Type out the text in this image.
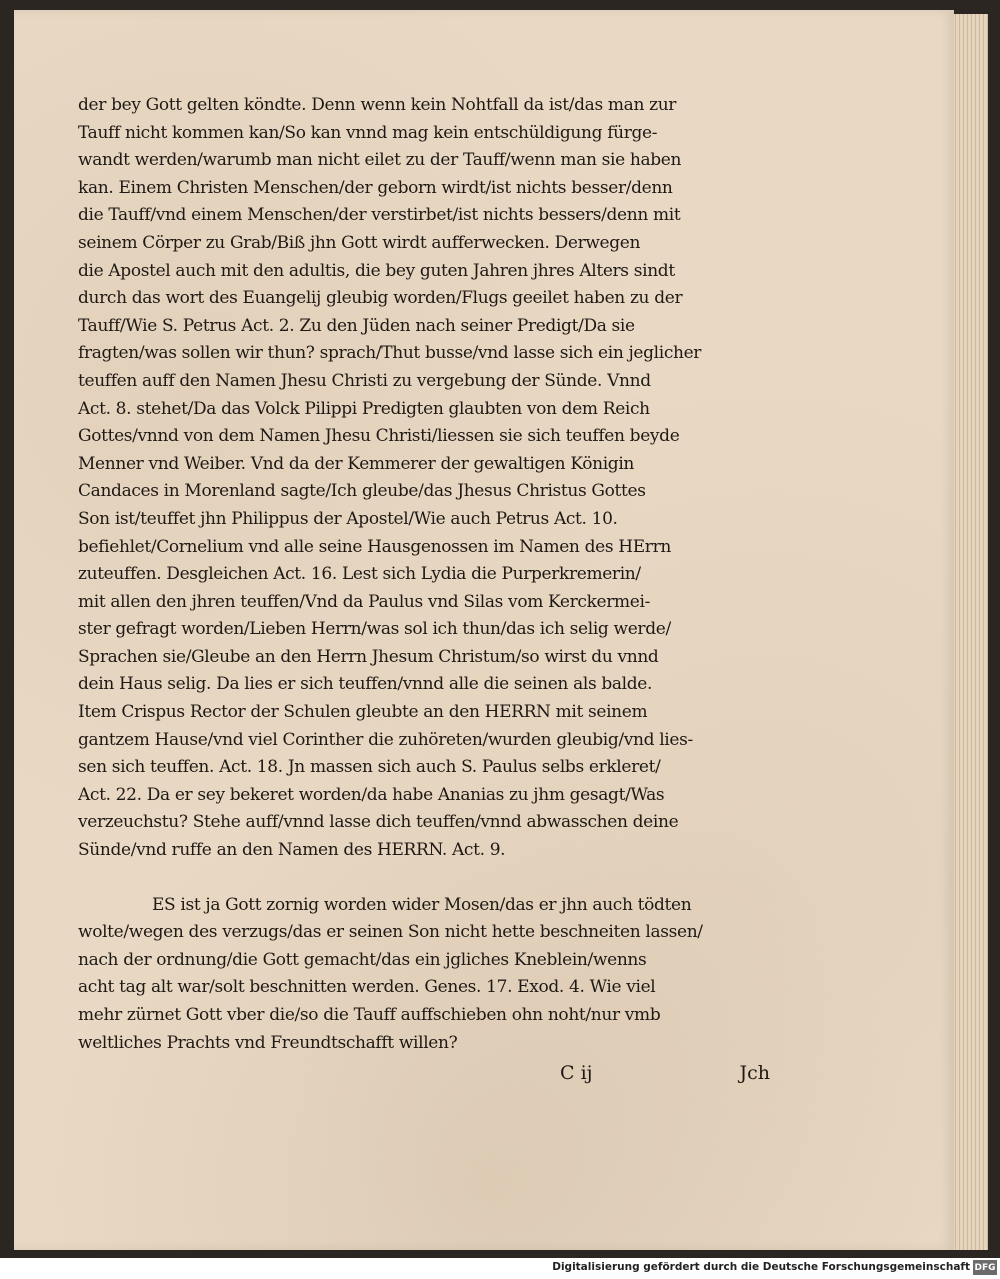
der bey Gott gelten köndte. Denn wenn kein Nohtfall da ist/das man zur
Tauff nicht kommen kan/So kan vnnd mag kein entschüldigung fürge-
wandt werden/warumb man nicht eilet zu der Tauff/wenn man sie haben
kan. Einem Christen Menschen/der geborn wirdt/ist nichts besser/denn
die Tauff/vnd einem Menschen/der verstirbet/ist nichts bessers/denn mit
seinem Cörper zu Grab/Biß jhn Gott wirdt aufferwecken. Derwegen
die Apostel auch mit den adultis, die bey guten Jahren jhres Alters sindt
durch das wort des Euangelij gleubig worden/Flugs geeilet haben zu der
Tauff/Wie S. Petrus Act. 2. Zu den Jüden nach seiner Predigt/Da sie
fragten/was sollen wir thun? sprach/Thut busse/vnd lasse sich ein jeglicher
teuffen auff den Namen Jhesu Christi zu vergebung der Sünde. Vnnd
Act. 8. stehet/Da das Volck Pilippi Predigten glaubten von dem Reich
Gottes/vnnd von dem Namen Jhesu Christi/liessen sie sich teuffen beyde
Menner vnd Weiber. Vnd da der Kemmerer der gewaltigen Königin
Candaces in Morenland sagte/Ich gleube/das Jhesus Christus Gottes
Son ist/teuffet jhn Philippus der Apostel/Wie auch Petrus Act. 10.
befiehlet/Cornelium vnd alle seine Hausgenossen im Namen des HErrn
zuteuffen. Desgleichen Act. 16. Lest sich Lydia die Purperkremerin/
mit allen den jhren teuffen/Vnd da Paulus vnd Silas vom Kerckermei-
ster gefragt worden/Lieben Herrn/was sol ich thun/das ich selig werde/
Sprachen sie/Gleube an den Herrn Jhesum Christum/so wirst du vnnd
dein Haus selig. Da lies er sich teuffen/vnnd alle die seinen als balde.
Item Crispus Rector der Schulen gleubte an den HERRN mit seinem
gantzem Hause/vnd viel Corinther die zuhöreten/wurden gleubig/vnd lies-
sen sich teuffen. Act. 18. Jn massen sich auch S. Paulus selbs erkleret/
Act. 22. Da er sey bekeret worden/da habe Ananias zu jhm gesagt/Was
verzeuchstu? Stehe auff/vnnd lasse dich teuffen/vnnd abwasschen deine
Sünde/vnd ruffe an den Namen des HERRN. Act. 9.
ES ist ja Gott zornig worden wider Mosen/das er jhn auch tödten
wolte/wegen des verzugs/das er seinen Son nicht hette beschneiten lassen/
nach der ordnung/die Gott gemacht/das ein jgliches Kneblein/wenns
acht tag alt war/solt beschnitten werden. Genes. 17. Exod. 4. Wie viel
mehr zürnet Gott vber die/so die Tauff auffschieben ohn noht/nur vmb
weltliches Prachts vnd Freundtschafft willen?
C ij	Jch
Digitalisierung gefördert durch die Deutsche Forschungsgemeinschaft DFG
